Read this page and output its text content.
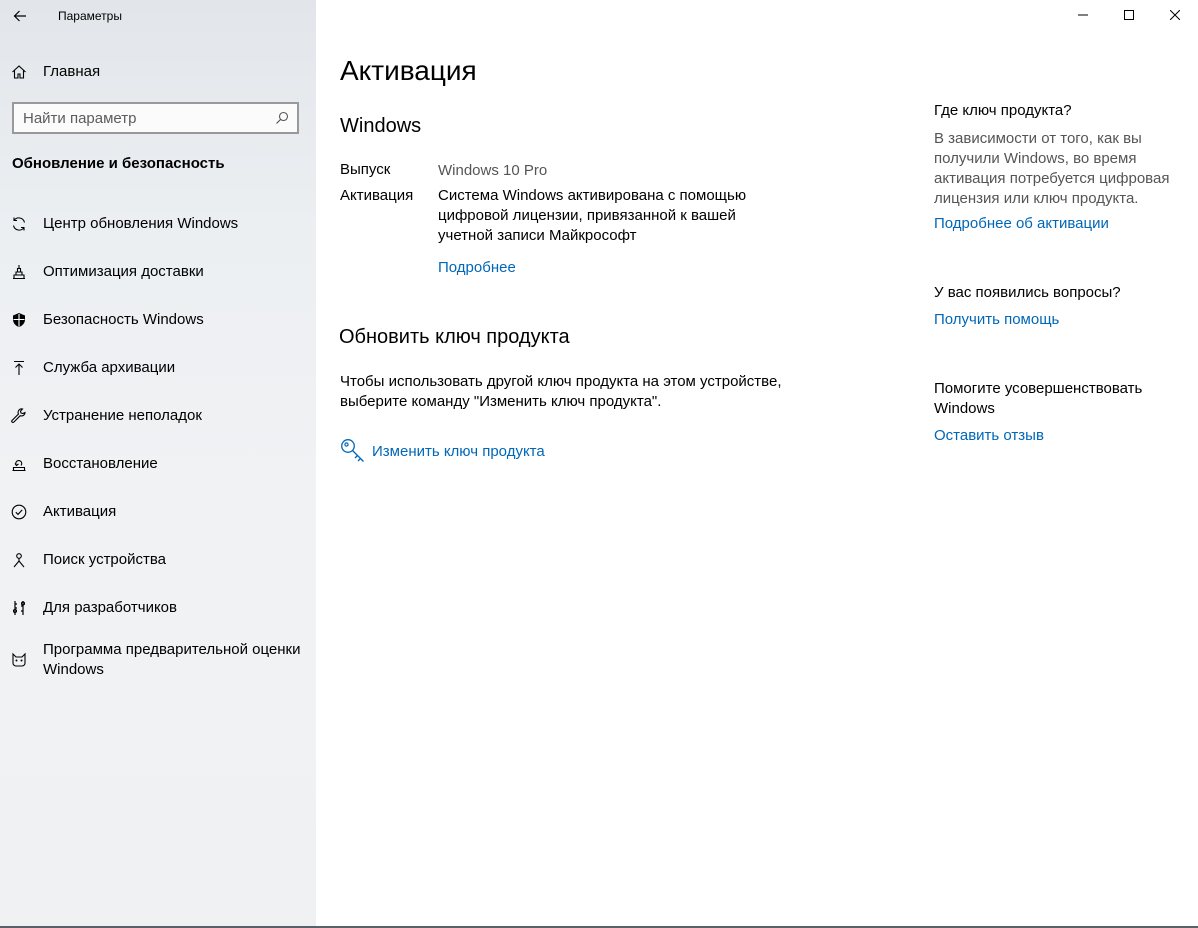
Параметры
Главная
Найти параметр
Обновление и безопасность
Центр обновления Windows
Оптимизация доставки
Безопасность Windows
Служба архивации
Устранение неполадок
Восстановление
Активация
Поиск устройства
Для разработчиков
Программа предварительной оценки Windows
Активация
Windows
Выпуск	Windows 10 Pro
Активация Система Windows активирована с помощью цифровой лицензии, привязанной к вашей учетной записи Майкрософт
Подробнее
Обновить ключ продукта
Чтобы использовать другой ключ продукта на этом устройстве, выберите команду "Изменить ключ продукта".
Изменить ключ продукта
Где ключ продукта?
В зависимости от того, как вы получили Windows, во время активация потребуется цифровая лицензия или ключ продукта.
Подробнее об активации
У вас появились вопросы?
Получить помощь
Помогите усовершенствовать Windows
Оставить отзыв
